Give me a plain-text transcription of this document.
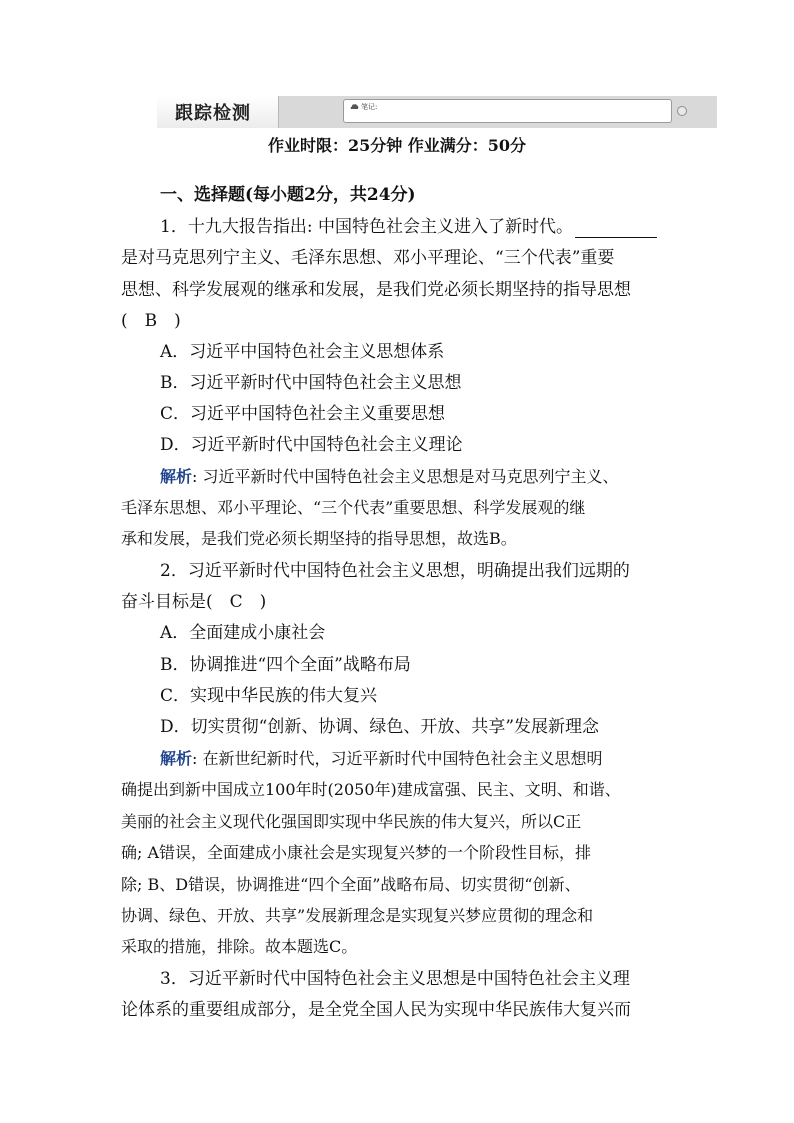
跟踪检测	笔记:
作业时限：25分钟 作业满分：50分
一、选择题(每小题2分，共24分)
1．十九大报告指出: 中国特色社会主义进入了新时代。
是对马克思列宁主义、毛泽东思想、邓小平理论、“三个代表”重要
思想、科学发展观的继承和发展，是我们党必须长期坚持的指导思想
(　B　)
A．习近平中国特色社会主义思想体系
B．习近平新时代中国特色社会主义思想
C．习近平中国特色社会主义重要思想
D．习近平新时代中国特色社会主义理论
解析: 习近平新时代中国特色社会主义思想是对马克思列宁主义、
毛泽东思想、邓小平理论、“三个代表”重要思想、科学发展观的继
承和发展，是我们党必须长期坚持的指导思想，故选B。
2．习近平新时代中国特色社会主义思想，明确提出我们远期的
奋斗目标是(　C　)
A．全面建成小康社会
B．协调推进“四个全面”战略布局
C．实现中华民族的伟大复兴
D．切实贯彻“创新、协调、绿色、开放、共享”发展新理念
解析: 在新世纪新时代，习近平新时代中国特色社会主义思想明
确提出到新中国成立100年时(2050年)建成富强、民主、文明、和谐、
美丽的社会主义现代化强国即实现中华民族的伟大复兴，所以C正
确; A错误，全面建成小康社会是实现复兴梦的一个阶段性目标，排
除; B、D错误，协调推进“四个全面”战略布局、切实贯彻“创新、
协调、绿色、开放、共享”发展新理念是实现复兴梦应贯彻的理念和
采取的措施，排除。故本题选C。
3．习近平新时代中国特色社会主义思想是中国特色社会主义理
论体系的重要组成部分，是全党全国人民为实现中华民族伟大复兴而
